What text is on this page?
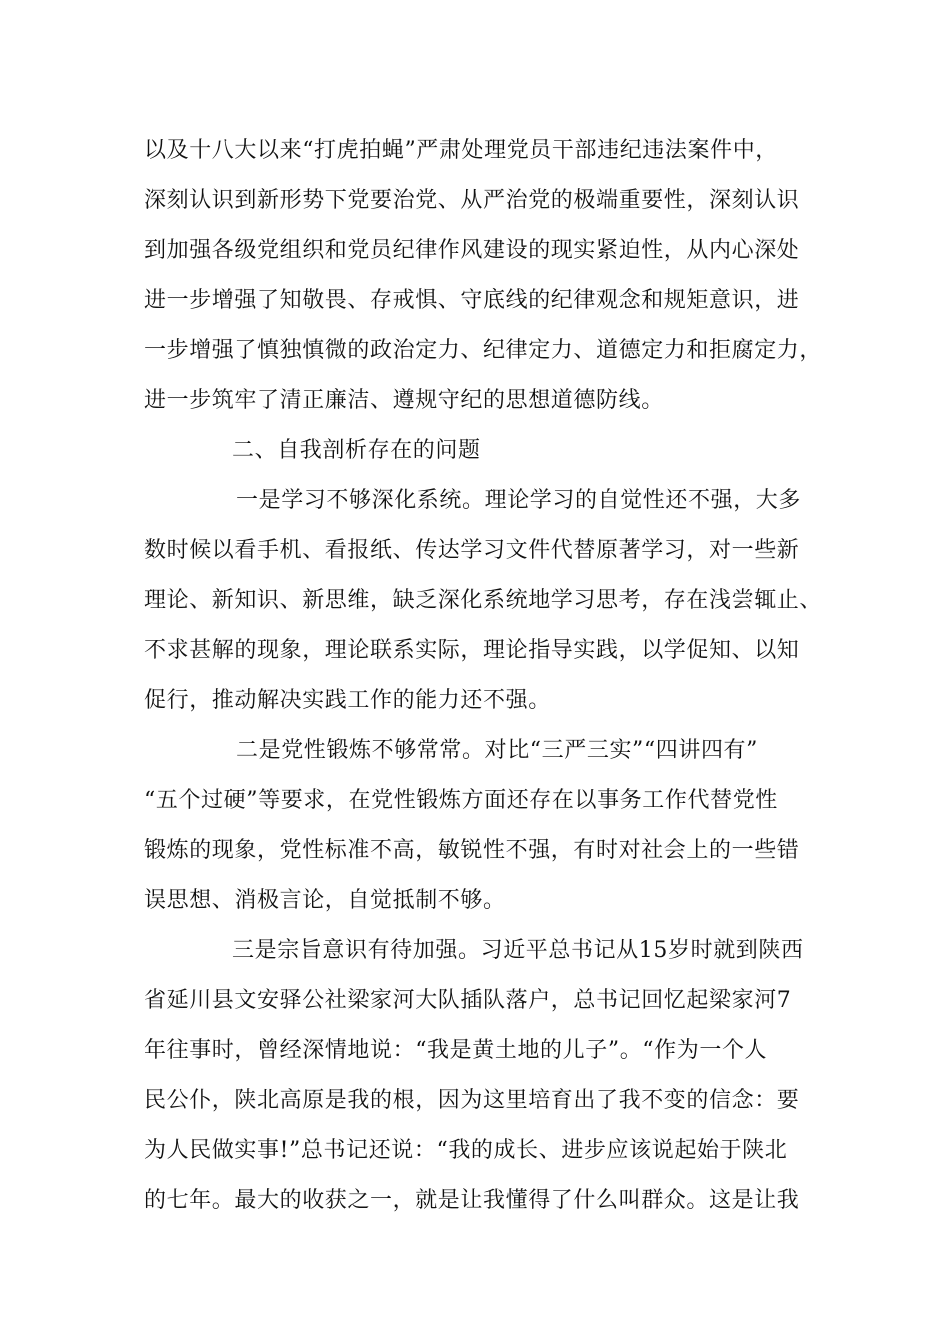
以及十八大以来“打虎拍蝇”严肃处理党员干部违纪违法案件中，

深刻认识到新形势下党要治党、从严治党的极端重要性，深刻认识

到加强各级党组织和党员纪律作风建设的现实紧迫性，从内心深处

进一步增强了知敬畏、存戒惧、守底线的纪律观念和规矩意识，进

一步增强了慎独慎微的政治定力、纪律定力、道德定力和拒腐定力，

进一步筑牢了清正廉洁、遵规守纪的思想道德防线。

二、自我剖析存在的问题

一是学习不够深化系统。理论学习的自觉性还不强，大多

数时候以看手机、看报纸、传达学习文件代替原著学习，对一些新

理论、新知识、新思维，缺乏深化系统地学习思考，存在浅尝辄止、

不求甚解的现象，理论联系实际，理论指导实践，以学促知、以知

促行，推动解决实践工作的能力还不强。

二是党性锻炼不够常常。对比“三严三实”“四讲四有”

“五个过硬”等要求，在党性锻炼方面还存在以事务工作代替党性

锻炼的现象，党性标准不高，敏锐性不强，有时对社会上的一些错

误思想、消极言论，自觉抵制不够。

三是宗旨意识有待加强。习近平总书记从15岁时就到陕西

省延川县文安驿公社梁家河大队插队落户，总书记回忆起梁家河7

年往事时，曾经深情地说：“我是黄土地的儿子”。“作为一个人

民公仆，陕北高原是我的根，因为这里培育出了我不变的信念：要

为人民做实事!”总书记还说：“我的成长、进步应该说起始于陕北

的七年。最大的收获之一，就是让我懂得了什么叫群众。这是让我
